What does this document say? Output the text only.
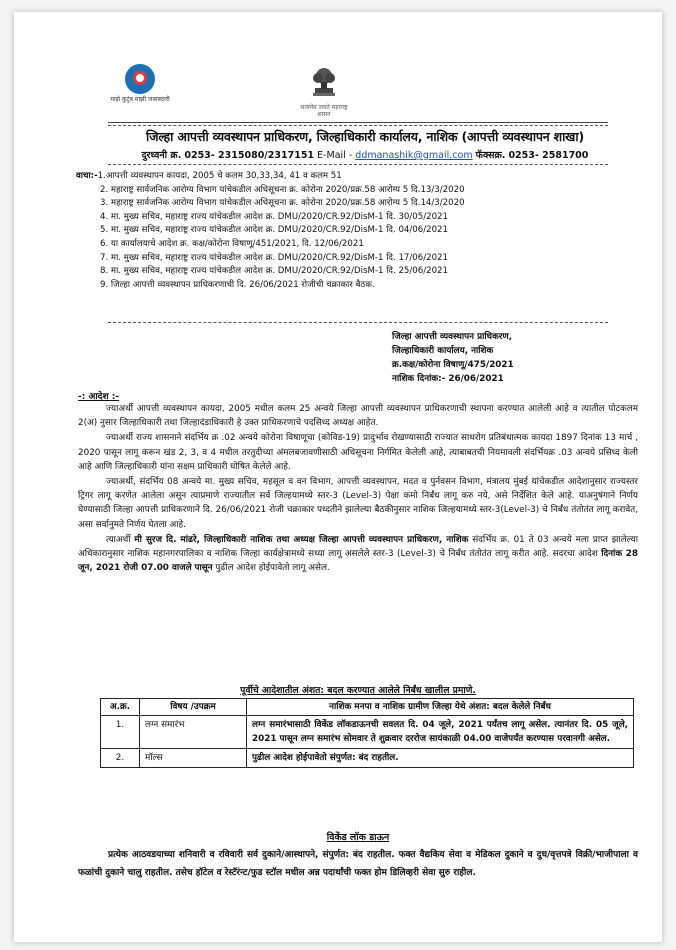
माझे कुटुंब माझी जबाबदारी
सत्यमेव जयते महाराष्ट्र शासन
जिल्हा आपत्ती व्यवस्थापन प्राधिकरण, जिल्हाधिकारी कार्यालय, नाशिक (आपत्ती व्यवस्थापन शाखा)
दुरध्वनी क्र. 0253- 2315080/2317151 E-Mail - ddmanashik@gmail.com फॅक्सक्र. 0253- 2581700
वाचा:-1.आपत्ती व्यवस्थापन कायदा, 2005 चे कलम 30,33,34, 41 व कलम 51
2. महाराष्ट्र सार्वजनिक आरोग्य विभाग यांचेकडील अधिसूचना क्र. कोरोना 2020/प्रक्र.58 आरोग्य 5 दि.13/3/2020
3. महाराष्ट्र सार्वजनिक आरोग्य विभाग यांचेकडील अधिसूचना क्र. कोरोना 2020/प्रक्र.58 आरोग्य 5 दि.14/3/2020
4. मा. मुख्य सचिव, महाराष्ट्र राज्य यांचेकडील आदेश क्र. DMU/2020/CR.92/DisM-1 दि. 30/05/2021
5. मा. मुख्य सचिव, महाराष्ट्र राज्य यांचेकडील आदेश क्र. DMU/2020/CR.92/DisM-1 दि. 04/06/2021
6. या कार्यालयाचे आदेश क्र. कक्ष/कोरोना विषाणू/451/2021, दि. 12/06/2021
7. मा. मुख्य सचिव, महाराष्ट्र राज्य यांचेकडील आदेश क्र. DMU/2020/CR.92/DisM-1 दि. 17/06/2021
8. मा. मुख्य सचिव, महाराष्ट्र राज्य यांचेकडील आदेश क्र. DMU/2020/CR.92/DisM-1 दि. 25/06/2021
9. जिल्हा आपत्ती व्यवस्थापन प्राधिकरणाची दि. 26/06/2021 रोजीची चक्राकार बैठक.
जिल्हा आपत्ती व्यवस्थापन प्राधिकरण,
जिल्हाधिकारी कार्यालय, नाशिक
क्र.कक्ष/कोरोना विषाणू/475/2021
नाशिक दिनांक:- 26/06/2021
-: आदेश :-

ज्याअर्थी आपत्ती व्यवस्थापन कायदा, 2005 मधील कलम 25 अन्वये जिल्हा आपत्ती व्यवस्थापन प्राधिकरणाची स्थापना करण्यात आलेली आहे व त्यातील पोटकलम 2(अ) नुसार जिल्हाधिकारी तथा जिल्हादंडाधिकारी हे उक्त प्राधिकरणाचे पदसिध्द अध्यक्ष आहेत.

ज्याअर्थी राज्य शासनाने संदर्भिय क्र .02 अन्वये कोरोना विषाणूचा (कोविड-19) प्रादुर्भाव रोखण्यासाठी राज्यात साथरोग प्रतिबंधात्मक कायदा 1897 दिनांक 13 मार्च , 2020 पासून लागू करून खंड 2, 3, व 4 मधील तरतुदीच्या अंमलबजावणीसाठी अधिसूचना निर्गमित केलेली आहे, त्याबाबतची नियमावली संदर्भियक्र .03 अन्वये प्रसिध्द केली आहे आणि जिल्हाधिकारी यांना सक्षम प्राधिकारी घोषित केलेले आहे.

ज्याअर्थी, संदर्भिय 08 अन्वये मा. मुख्य सचिव, महसूल व वन विभाग, आपत्ती व्यवस्थापन, मदत व पुर्नवसन विभाग, मंत्रालय मुंबई यांचेकडील आदेशानुसार राज्यस्तर ट्रिगर लागू करणेत आलेला असून त्याप्रमाणे राज्यातील सर्व जिल्हयामध्ये स्तर-3 (Level-3) पेक्षा कमो निर्बंध लागू करु नये, असे निर्देशित केले आहे. याअनुषंगाने निर्णय घेण्यासाठी जिल्हा आपत्ती प्राधिकरणाने दि. 26/06/2021 रोजी चक्राकार पध्दतीने झालेल्या बैठकीनुसार नाशिक जिल्हयामध्ये स्तर-3(Level-3) चे निर्बंध तंतोतंत लागू करावेत, असा सर्वानुमते निर्णय घेतला आहे.

त्याअर्थी मी सुरज दि. मांढरे, जिल्हाधिकारी नाशिक तथा अध्यक्ष जिल्हा आपत्ती व्यवस्थापन प्राधिकरण, नाशिक संदर्भिय क्र. 01 ते 03 अन्वये मला प्राप्त झालेल्या अधिकारानुसार नाशिक महानगरपालिका व नाशिक जिल्हा कार्यक्षेत्रामध्ये सध्या लागू असलेले स्तर-3 (Level-3) चे निर्बंध तंतोतंत लागू करीत आहे. सदरचा आदेश दिनांक 28 जून, 2021 रोजी 07.00 वाजले पासून पुढील आदेश होईपावेतो लागू असेल.

पूर्वीचे आदेशातील अंशत: बदल करण्यात आलेले निर्बंध खालील प्रमाणे.
अ.क्र.	विषय /उपक्रम	नाशिक मनपा व नाशिक ग्रामीण जिल्हा येथे अंशत: बदल केलेले निर्बंध
1.	लग्न समारंभ	लग्न समारंभासाठी विकेंड लॉकडाऊनची सवलत दि. 04 जूले, 2021 पर्यंतच लागू असेल. त्यानंतर दि. 05 जूले, 2021 पासून लग्न समारंभ सोमवार ते शुक्रवार दररोज सायंकाळी 04.00 वाजेपर्यंत करण्यास परवानगी असेल.
2.	मॉल्स	पुढील आदेश होईपावेतो संपुर्णत: बंद राहतील.
विकेंड लॉक डाऊन
प्रत्येक आठवडयाच्या शनिवारी व रविवारी सर्व दुकाने/आस्थापने, संपुर्णत: बंद राहतील. फक्त वैद्यकिय सेवा व मेडिकल दुकाने व दुध/वृत्तपत्रे विक्री/भाजीपाला व फळांची दुकाने चालु राहतील. तसेच हॉटेल व रेस्टॅरंन्ट/फुड स्टॉल मधील अन्न पदार्थांची फक्त होम डिलिव्हरी सेवा सुरु राहील.
